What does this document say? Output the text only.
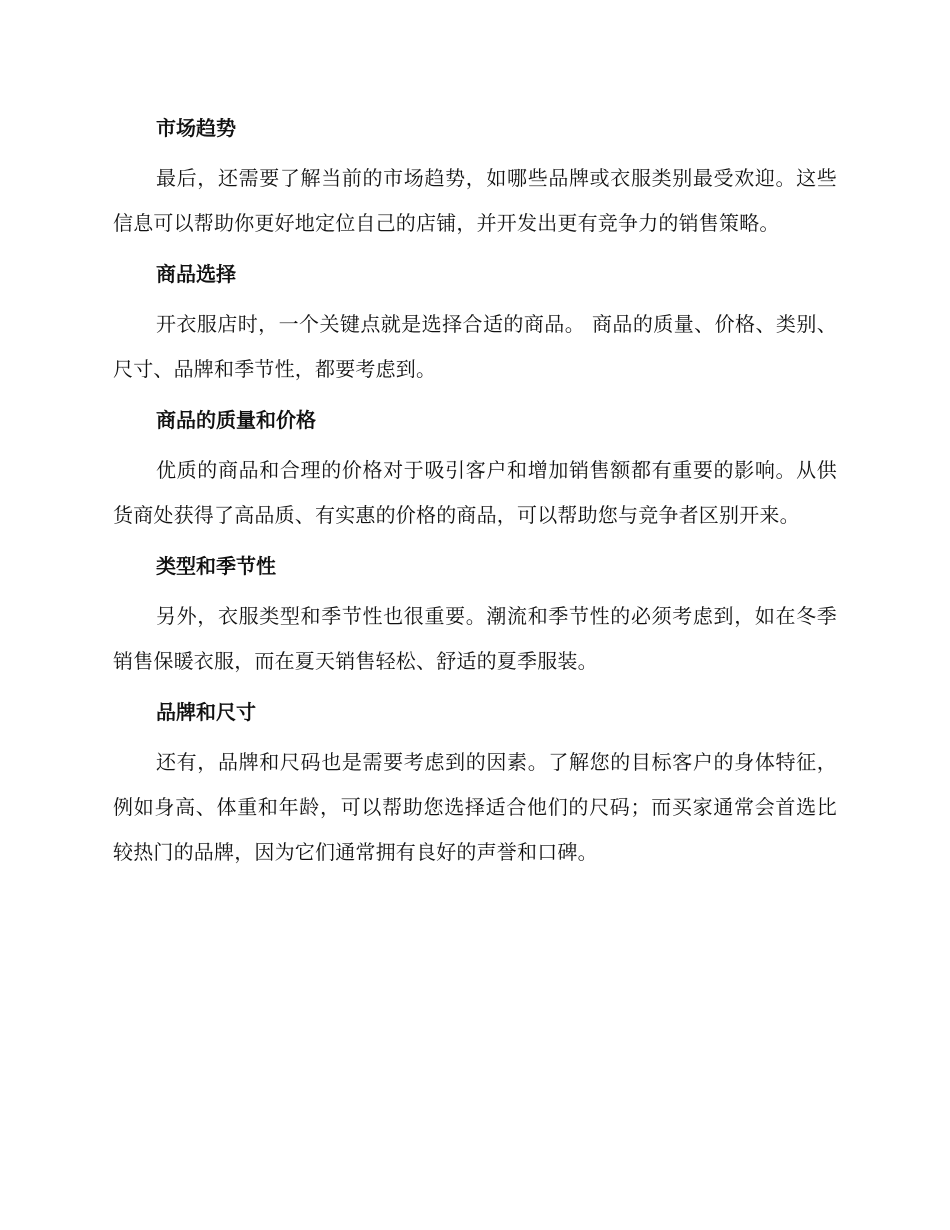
市场趋势

最后，还需要了解当前的市场趋势，如哪些品牌或衣服类别最受欢迎。这些信息可以帮助你更好地定位自己的店铺，并开发出更有竞争力的销售策略。

商品选择

开衣服店时，一个关键点就是选择合适的商品。 商品的质量、价格、类别、尺寸、品牌和季节性，都要考虑到。

商品的质量和价格

优质的商品和合理的价格对于吸引客户和增加销售额都有重要的影响。从供货商处获得了高品质、有实惠的价格的商品，可以帮助您与竞争者区别开来。

类型和季节性

另外，衣服类型和季节性也很重要。潮流和季节性的必须考虑到，如在冬季销售保暖衣服，而在夏天销售轻松、舒适的夏季服装。

品牌和尺寸

还有，品牌和尺码也是需要考虑到的因素。了解您的目标客户的身体特征，例如身高、体重和年龄，可以帮助您选择适合他们的尺码；而买家通常会首选比较热门的品牌，因为它们通常拥有良好的声誉和口碑。
